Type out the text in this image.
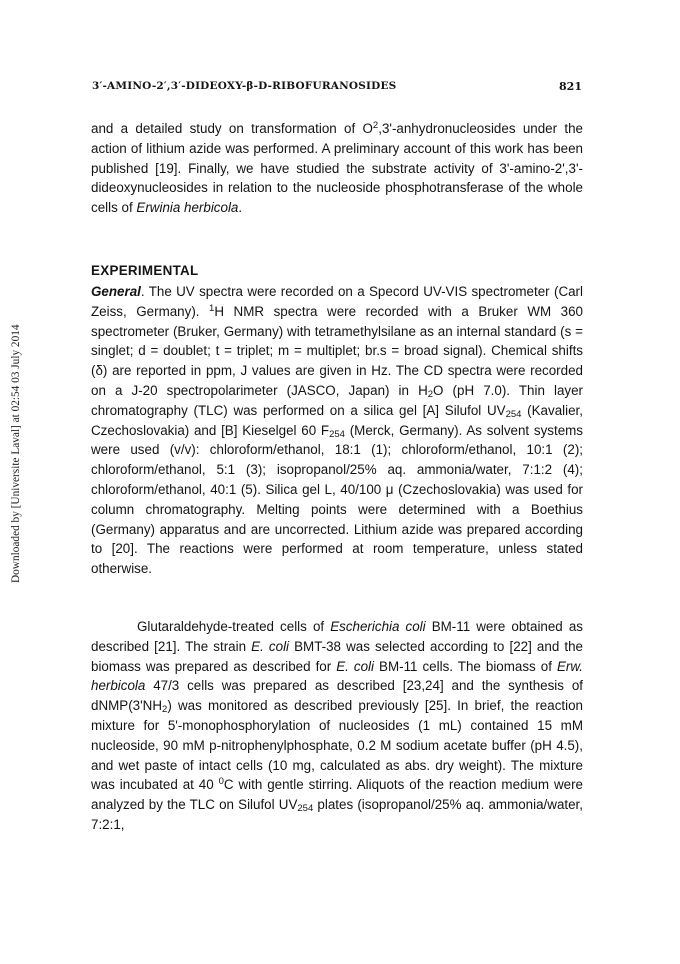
3′-AMINO-2′,3′-DIDEOXY-β-D-RIBOFURANOSIDES	821
Downloaded by [Universite Laval] at 02:54 03 July 2014

and a detailed study on transformation of $O^2,3'$-anhydronucleosides under the action of lithium azide was performed. A preliminary account of this work has been published [19]. Finally, we have studied the substrate activity of 3'-amino-2',3'-dideoxynucleosides in relation to the nucleoside phosphotransferase of the whole cells of Erwinia herbicola.

EXPERIMENTAL

General. The UV spectra were recorded on a Specord UV-VIS spectrometer (Carl Zeiss, Germany). $^1$H NMR spectra were recorded with a Bruker WM 360 spectrometer (Bruker, Germany) with tetramethylsilane as an internal standard (s = singlet; d = doublet; t = triplet; m = multiplet; br.s = broad signal). Chemical shifts (δ) are reported in ppm, J values are given in Hz. The CD spectra were recorded on a J-20 spectropolarimeter (JASCO, Japan) in $H_2O$ (pH 7.0). Thin layer chromatography (TLC) was performed on a silica gel [A] Silufol $UV_{254}$ (Kavalier, Czechoslovakia) and [B] Kieselgel 60 $F_{254}$ (Merck, Germany). As solvent systems were used (v/v): chloroform/ethanol, 18:1 (1); chloroform/ethanol, 10:1 (2); chloroform/ethanol, 5:1 (3); isopropanol/25% aq. ammonia/water, 7:1:2 (4); chloroform/ethanol, 40:1 (5). Silica gel L, 40/100 μ (Czechoslovakia) was used for column chromatography. Melting points were determined with a Boethius (Germany) apparatus and are uncorrected. Lithium azide was prepared according to [20]. The reactions were performed at room temperature, unless stated otherwise.

Glutaraldehyde-treated cells of Escherichia coli BM-11 were obtained as described [21]. The strain E. coli BMT-38 was selected according to [22] and the biomass was prepared as described for E. coli BM-11 cells. The biomass of Erw. herbicola 47/3 cells was prepared as described [23,24] and the synthesis of $dNMP(3'NH_2)$ was monitored as described previously [25]. In brief, the reaction mixture for 5'-monophosphorylation of nucleosides (1 mL) contained 15 mM nucleoside, 90 mM p-nitrophenylphosphate, 0.2 M sodium acetate buffer (pH 4.5), and wet paste of intact cells (10 mg, calculated as abs. dry weight). The mixture was incubated at 40 $^0$C with gentle stirring. Aliquots of the reaction medium were analyzed by the TLC on Silufol $UV_{254}$ plates (isopropanol/25% aq. ammonia/water, 7:2:1,
